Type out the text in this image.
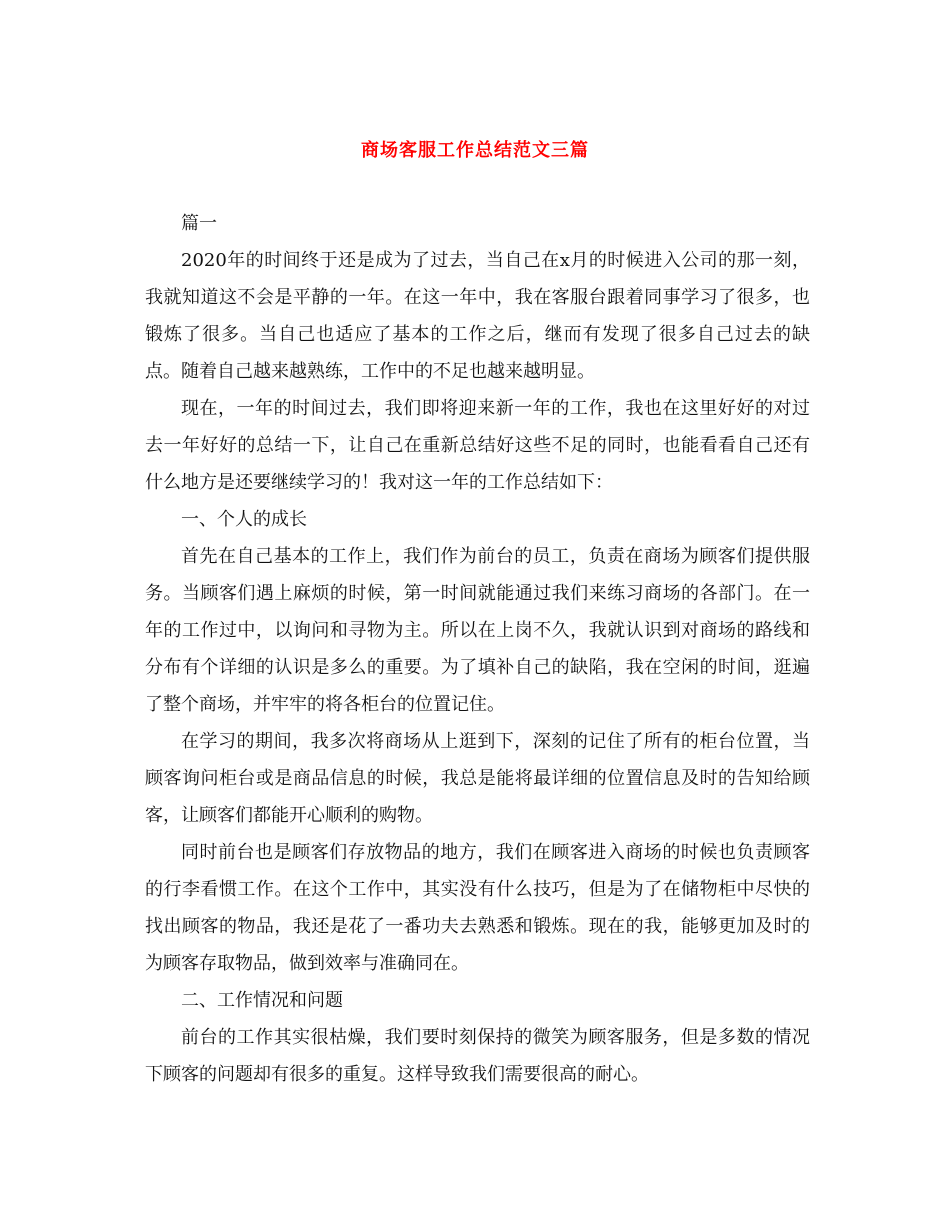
商场客服工作总结范文三篇

篇一

2020年的时间终于还是成为了过去，当自己在x月的时候进入公司的那一刻，我就知道这不会是平静的一年。在这一年中，我在客服台跟着同事学习了很多，也锻炼了很多。当自己也适应了基本的工作之后，继而有发现了很多自己过去的缺点。随着自己越来越熟练，工作中的不足也越来越明显。

现在，一年的时间过去，我们即将迎来新一年的工作，我也在这里好好的对过去一年好好的总结一下，让自己在重新总结好这些不足的同时，也能看看自己还有什么地方是还要继续学习的！我对这一年的工作总结如下：

一、个人的成长

首先在自己基本的工作上，我们作为前台的员工，负责在商场为顾客们提供服务。当顾客们遇上麻烦的时候，第一时间就能通过我们来练习商场的各部门。在一年的工作过中，以询问和寻物为主。所以在上岗不久，我就认识到对商场的路线和分布有个详细的认识是多么的重要。为了填补自己的缺陷，我在空闲的时间，逛遍了整个商场，并牢牢的将各柜台的位置记住。

在学习的期间，我多次将商场从上逛到下，深刻的记住了所有的柜台位置，当顾客询问柜台或是商品信息的时候，我总是能将最详细的位置信息及时的告知给顾客，让顾客们都能开心顺利的购物。

同时前台也是顾客们存放物品的地方，我们在顾客进入商场的时候也负责顾客的行李看惯工作。在这个工作中，其实没有什么技巧，但是为了在储物柜中尽快的找出顾客的物品，我还是花了一番功夫去熟悉和锻炼。现在的我，能够更加及时的为顾客存取物品，做到效率与准确同在。

二、工作情况和问题

前台的工作其实很枯燥，我们要时刻保持的微笑为顾客服务，但是多数的情况下顾客的问题却有很多的重复。这样导致我们需要很高的耐心。
